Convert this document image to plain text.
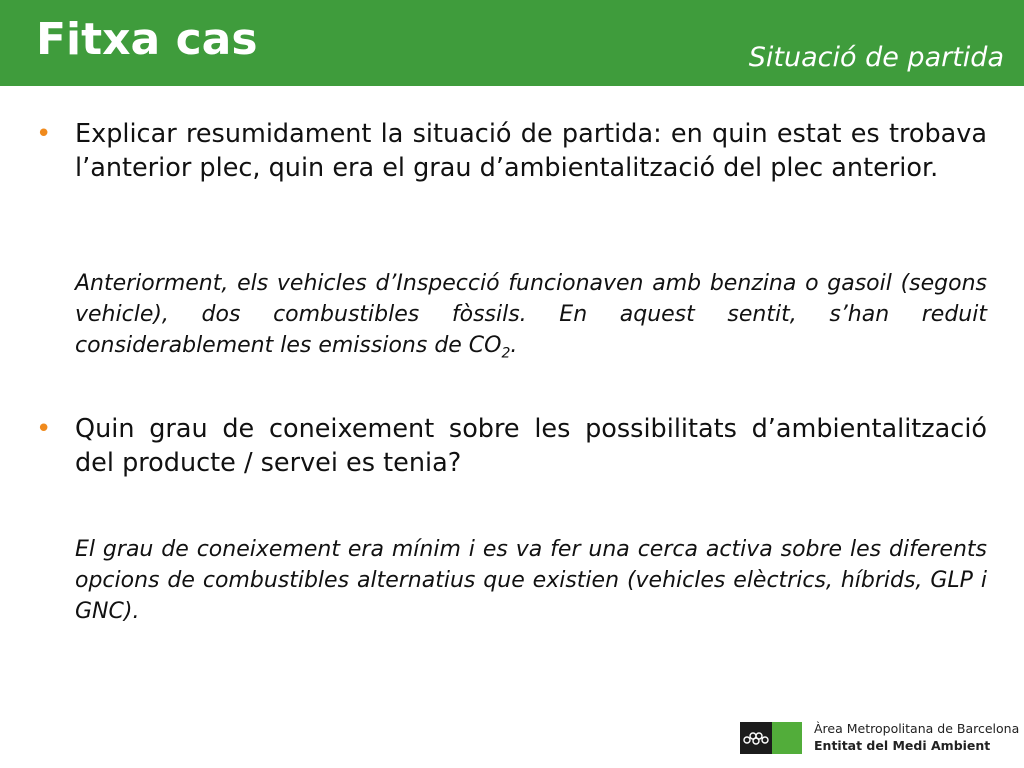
Fitxa cas	Situació de partida
• Explicar resumidament la situació de partida: en quin estat es trobava l’anterior plec, quin era el grau d’ambientalització del plec anterior.

Anteriorment, els vehicles d’Inspecció funcionaven amb benzina o gasoil (segons vehicle), dos combustibles fòssils. En aquest sentit, s’han reduit considerablement les emissions de $CO_2$.

• Quin grau de coneixement sobre les possibilitats d’ambientalització del producte / servei es tenia?

El grau de coneixement era mínim i es va fer una cerca activa sobre les diferents opcions de combustibles alternatius que existien (vehicles elèctrics, híbrids, GLP i GNC).

Àrea Metropolitana de Barcelona
Entitat del Medi Ambient
